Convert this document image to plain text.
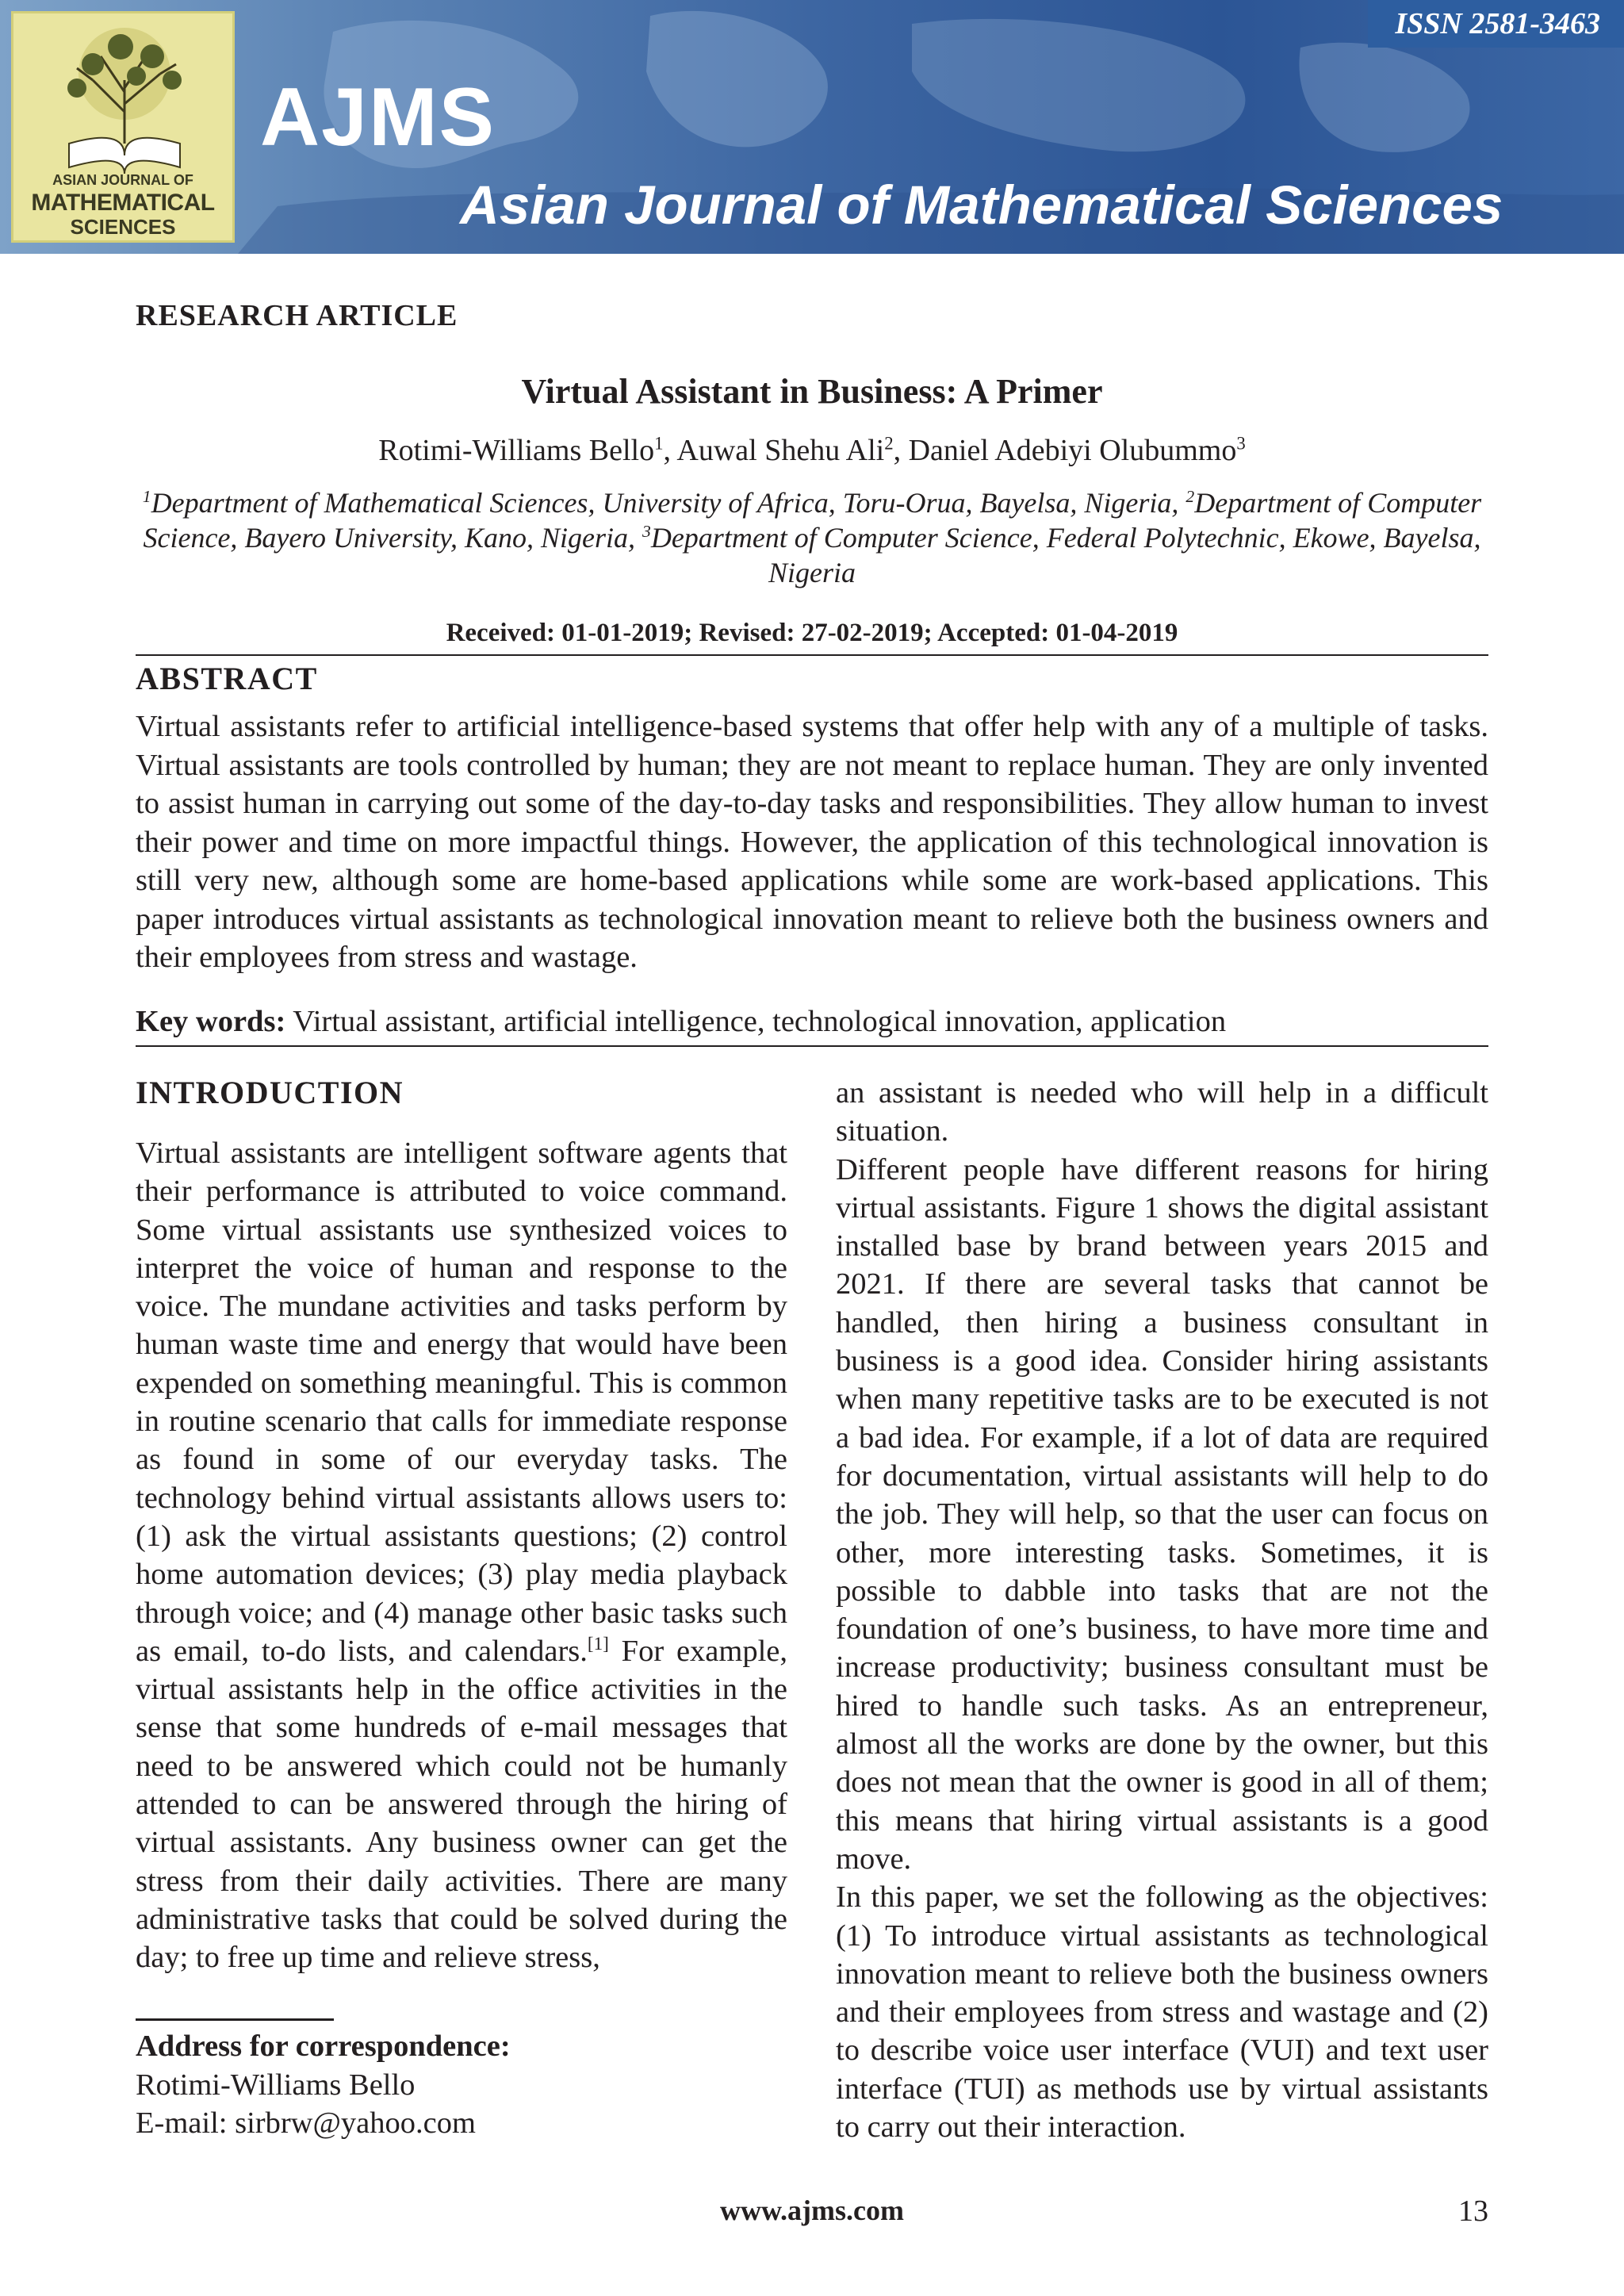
ASIAN JOURNAL OF
MATHEMATICAL
SCIENCES
ISSN 2581-3463
AJMS
Asian Journal of Mathematical Sciences
RESEARCH ARTICLE
Virtual Assistant in Business: A Primer
Rotimi-Williams Bello$^1$, Auwal Shehu Ali$^2$, Daniel Adebiyi Olubummo$^3$
$^1$Department of Mathematical Sciences, University of Africa, Toru-Orua, Bayelsa, Nigeria, $^2$Department of Computer Science, Bayero University, Kano, Nigeria, $^3$Department of Computer Science, Federal Polytechnic, Ekowe, Bayelsa, Nigeria
Received: 01-01-2019; Revised: 27-02-2019; Accepted: 01-04-2019
ABSTRACT
Virtual assistants refer to artificial intelligence-based systems that offer help with any of a multiple of tasks. Virtual assistants are tools controlled by human; they are not meant to replace human. They are only invented to assist human in carrying out some of the day-to-day tasks and responsibilities. They allow human to invest their power and time on more impactful things. However, the application of this technological innovation is still very new, although some are home-based applications while some are work-based applications. This paper introduces virtual assistants as technological innovation meant to relieve both the business owners and their employees from stress and wastage.
Key words: Virtual assistant, artificial intelligence, technological innovation, application
INTRODUCTION

Virtual assistants are intelligent software agents that their performance is attributed to voice command. Some virtual assistants use synthesized voices to interpret the voice of human and response to the voice. The mundane activities and tasks perform by human waste time and energy that would have been expended on something meaningful. This is common in routine scenario that calls for immediate response as found in some of our everyday tasks. The technology behind virtual assistants allows users to: (1) ask the virtual assistants questions; (2) control home automation devices; (3) play media playback through voice; and (4) manage other basic tasks such as email, to-do lists, and calendars.[1] For example, virtual assistants help in the office activities in the sense that some hundreds of e-mail messages that need to be answered which could not be humanly attended to can be answered through the hiring of virtual assistants. Any business owner can get the stress from their daily activities. There are many administrative tasks that could be solved during the day; to free up time and relieve stress,

an assistant is needed who will help in a difficult situation.

Different people have different reasons for hiring virtual assistants. Figure 1 shows the digital assistant installed base by brand between years 2015 and 2021. If there are several tasks that cannot be handled, then hiring a business consultant in business is a good idea. Consider hiring assistants when many repetitive tasks are to be executed is not a bad idea. For example, if a lot of data are required for documentation, virtual assistants will help to do the job. They will help, so that the user can focus on other, more interesting tasks. Sometimes, it is possible to dabble into tasks that are not the foundation of one’s business, to have more time and increase productivity; business consultant must be hired to handle such tasks. As an entrepreneur, almost all the works are done by the owner, but this does not mean that the owner is good in all of them; this means that hiring virtual assistants is a good move.

In this paper, we set the following as the objectives: (1) To introduce virtual assistants as technological innovation meant to relieve both the business owners and their employees from stress and wastage and (2) to describe voice user interface (VUI) and text user interface (TUI) as methods use by virtual assistants to carry out their interaction.

Address for correspondence:
Rotimi-Williams Bello
E-mail: sirbrw@yahoo.com
www.ajms.com	13
